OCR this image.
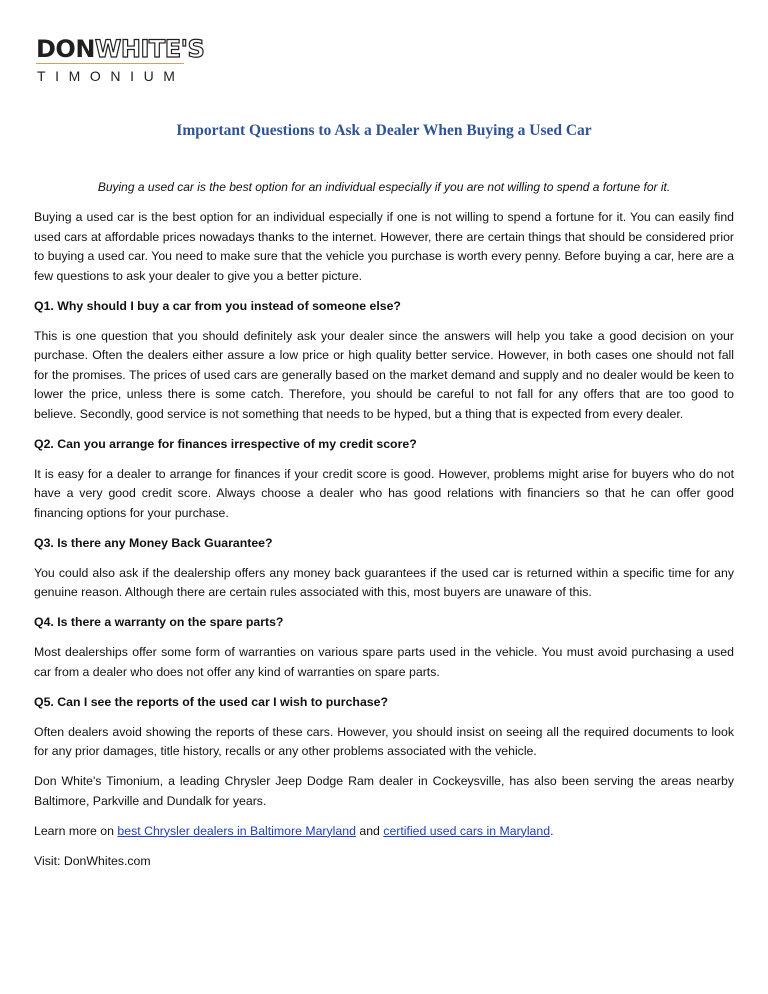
DONWHITE'S
TIMONIUM
Important Questions to Ask a Dealer When Buying a Used Car
Buying a used car is the best option for an individual especially if you are not willing to spend a fortune for it.

Buying a used car is the best option for an individual especially if one is not willing to spend a fortune for it. You can easily find used cars at affordable prices nowadays thanks to the internet. However, there are certain things that should be considered prior to buying a used car. You need to make sure that the vehicle you purchase is worth every penny. Before buying a car, here are a few questions to ask your dealer to give you a better picture.

Q1. Why should I buy a car from you instead of someone else?

This is one question that you should definitely ask your dealer since the answers will help you take a good decision on your purchase. Often the dealers either assure a low price or high quality better service. However, in both cases one should not fall for the promises. The prices of used cars are generally based on the market demand and supply and no dealer would be keen to lower the price, unless there is some catch. Therefore, you should be careful to not fall for any offers that are too good to believe. Secondly, good service is not something that needs to be hyped, but a thing that is expected from every dealer.

Q2. Can you arrange for finances irrespective of my credit score?

It is easy for a dealer to arrange for finances if your credit score is good. However, problems might arise for buyers who do not have a very good credit score. Always choose a dealer who has good relations with financiers so that he can offer good financing options for your purchase.

Q3. Is there any Money Back Guarantee?

You could also ask if the dealership offers any money back guarantees if the used car is returned within a specific time for any genuine reason. Although there are certain rules associated with this, most buyers are unaware of this.

Q4. Is there a warranty on the spare parts?

Most dealerships offer some form of warranties on various spare parts used in the vehicle. You must avoid purchasing a used car from a dealer who does not offer any kind of warranties on spare parts.

Q5. Can I see the reports of the used car I wish to purchase?

Often dealers avoid showing the reports of these cars. However, you should insist on seeing all the required documents to look for any prior damages, title history, recalls or any other problems associated with the vehicle.

Don White's Timonium, a leading Chrysler Jeep Dodge Ram dealer in Cockeysville, has also been serving the areas nearby Baltimore, Parkville and Dundalk for years.

Learn more on best Chrysler dealers in Baltimore Maryland and certified used cars in Maryland.

Visit: DonWhites.com
